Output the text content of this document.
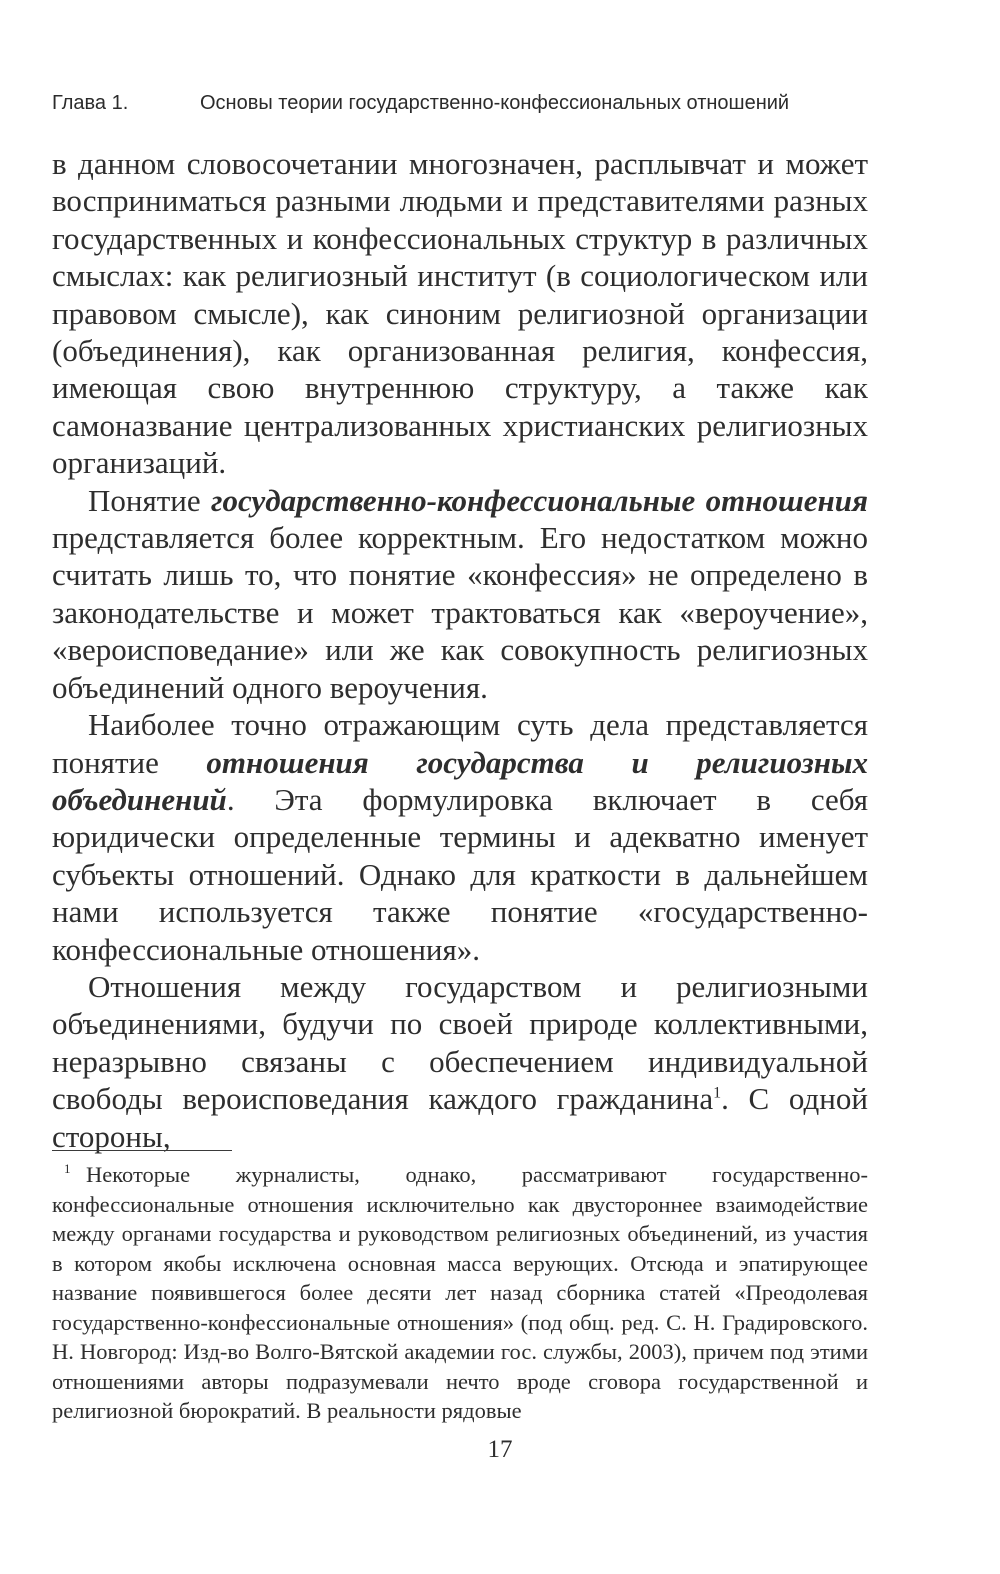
Глава 1.	Основы теории государственно-конфессиональных отношений

в данном словосочетании многозначен, расплывчат и может восприниматься разными людьми и представителями разных государственных и конфессиональных структур в различных смыслах: как религиозный институт (в социологическом или правовом смысле), как синоним религиозной организации (объединения), как организованная религия, конфессия, имеющая свою внутреннюю структуру, а также как самоназвание централизованных христианских религиозных организаций.

Понятие государственно-конфессиональные отношения представляется более корректным. Его недостатком можно считать лишь то, что понятие «конфессия» не определено в законодательстве и может трактоваться как «вероучение», «вероисповедание» или же как совокупность религиозных объединений одного вероучения.

Наиболее точно отражающим суть дела представляется понятие отношения государства и религиозных объединений. Эта формулировка включает в себя юридически определенные термины и адекватно именует субъекты отношений. Однако для краткости в дальнейшем нами используется также понятие «государственно-конфессиональные отношения».

Отношения между государством и религиозными объединениями, будучи по своей природе коллективными, неразрывно связаны с обеспечением индивидуальной свободы вероисповедания каждого гражданина$^1$. С одной стороны,

1 Некоторые журналисты, однако, рассматривают государственно-конфессиональные отношения исключительно как двустороннее взаимодействие между органами государства и руководством религиозных объединений, из участия в котором якобы исключена основная масса верующих. Отсюда и эпатирующее название появившегося более десяти лет назад сборника статей «Преодолевая государственно-конфессиональные отношения» (под общ. ред. С. Н. Градировского. Н. Новгород: Изд-во Волго-Вятской академии гос. службы, 2003), причем под этими отношениями авторы подразумевали нечто вроде сговора государственной и религиозной бюрократий. В реальности рядовые

17
